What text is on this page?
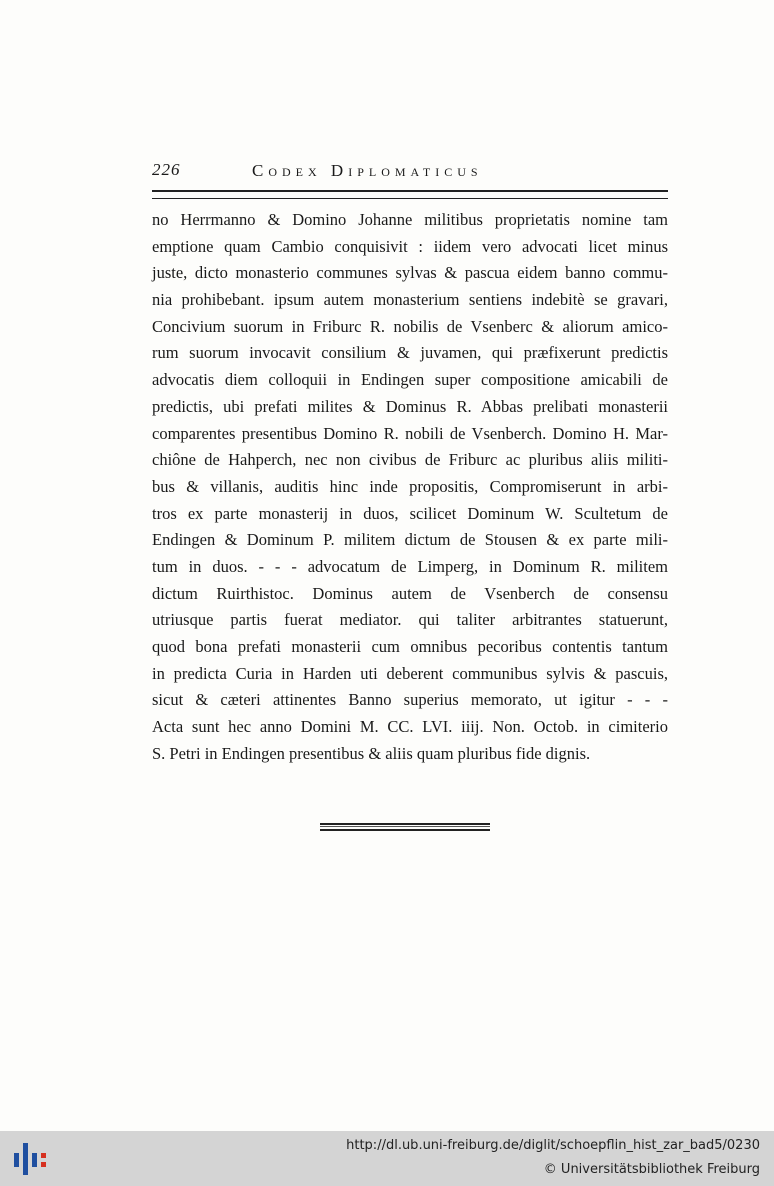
226	Codex Diplomaticus
no Herrmanno & Domino Johanne militibus proprietatis nomine tam
emptione quam Cambio conquisivit : iidem vero advocati licet minus
juste, dicto monasterio communes sylvas & pascua eidem banno commu-
nia prohibebant. ipsum autem monasterium sentiens indebitè se gravari,
Concivium suorum in Friburc R. nobilis de Vsenberc & aliorum amico-
rum suorum invocavit consilium & juvamen, qui præfixerunt predictis
advocatis diem colloquii in Endingen super compositione amicabili de
predictis, ubi prefati milites & Dominus R. Abbas prelibati monasterii
comparentes presentibus Domino R. nobili de Vsenberch. Domino H. Mar-
chiône de Hahperch, nec non civibus de Friburc ac pluribus aliis militi-
bus & villanis, auditis hinc inde propositis, Compromiserunt in arbi-
tros ex parte monasterij in duos, scilicet Dominum W. Scultetum de
Endingen & Dominum P. militem dictum de Stousen & ex parte mili-
tum in duos. - - - advocatum de Limperg, in Dominum R. militem
dictum Ruirthistoc. Dominus autem de Vsenberch de consensu
utriusque partis fuerat mediator. qui taliter arbitrantes statuerunt,
quod bona prefati monasterii cum omnibus pecoribus contentis tantum
in predicta Curia in Harden uti deberent communibus sylvis & pascuis,
sicut & cæteri attinentes Banno superius memorato, ut igitur - - -
Acta sunt hec anno Domini M. CC. LVI. iiij. Non. Octob. in cimiterio
S. Petri in Endingen presentibus & aliis quam pluribus fide dignis.
http://dl.ub.uni-freiburg.de/diglit/schoepflin_hist_zar_bad5/0230
© Universitätsbibliothek Freiburg
